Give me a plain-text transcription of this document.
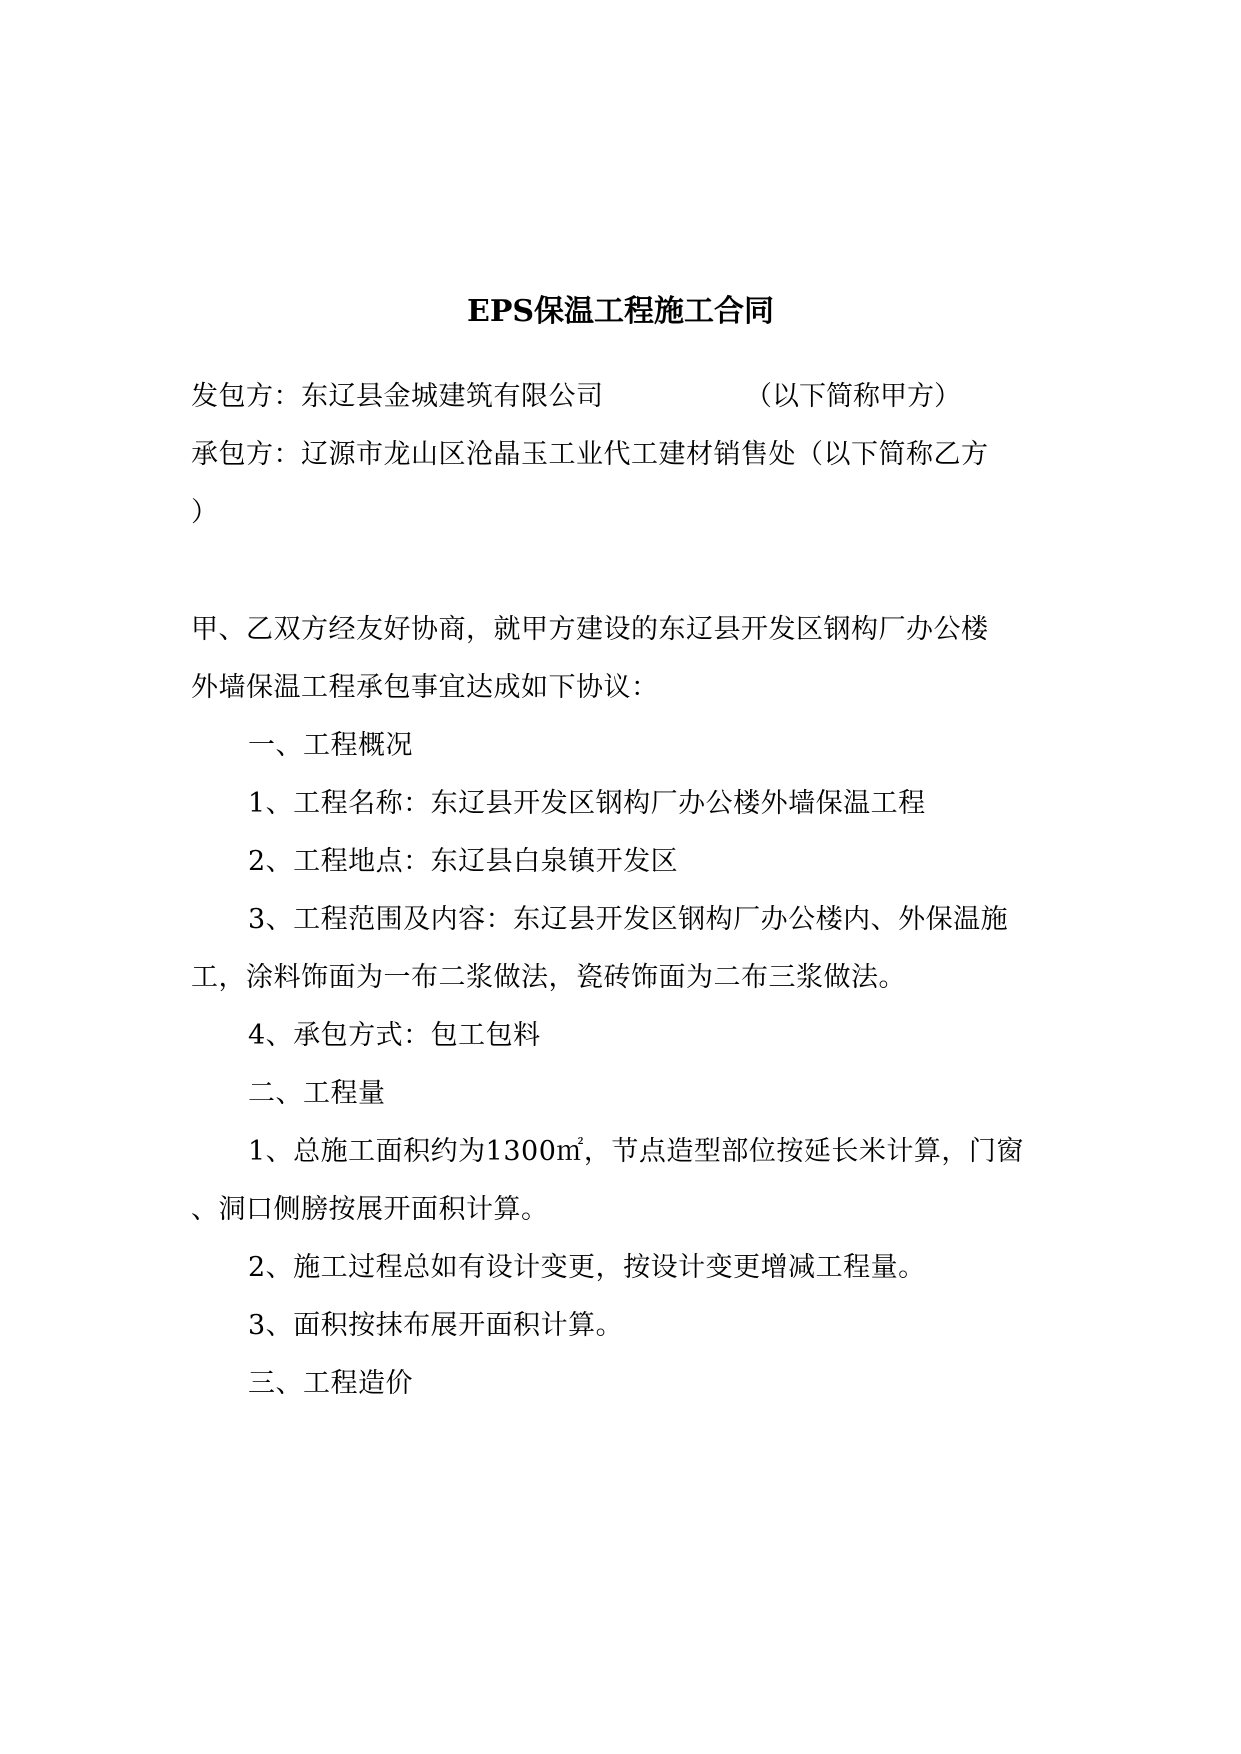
EPS保温工程施工合同
发包方：东辽县金城建筑有限公司	（以下简称甲方）
承包方：辽源市龙山区沧晶玉工业代工建材销售处（以下简称乙方
）
甲、乙双方经友好协商，就甲方建设的东辽县开发区钢构厂办公楼
外墙保温工程承包事宜达成如下协议：
一、工程概况
1、工程名称：东辽县开发区钢构厂办公楼外墙保温工程
2、工程地点：东辽县白泉镇开发区
3、工程范围及内容：东辽县开发区钢构厂办公楼内、外保温施
工，涂料饰面为一布二浆做法，瓷砖饰面为二布三浆做法。
4、承包方式：包工包料
二、工程量
1、总施工面积约为1300㎡，节点造型部位按延长米计算，门窗
、洞口侧膀按展开面积计算。
2、施工过程总如有设计变更，按设计变更增减工程量。
3、面积按抹布展开面积计算。
三、工程造价
